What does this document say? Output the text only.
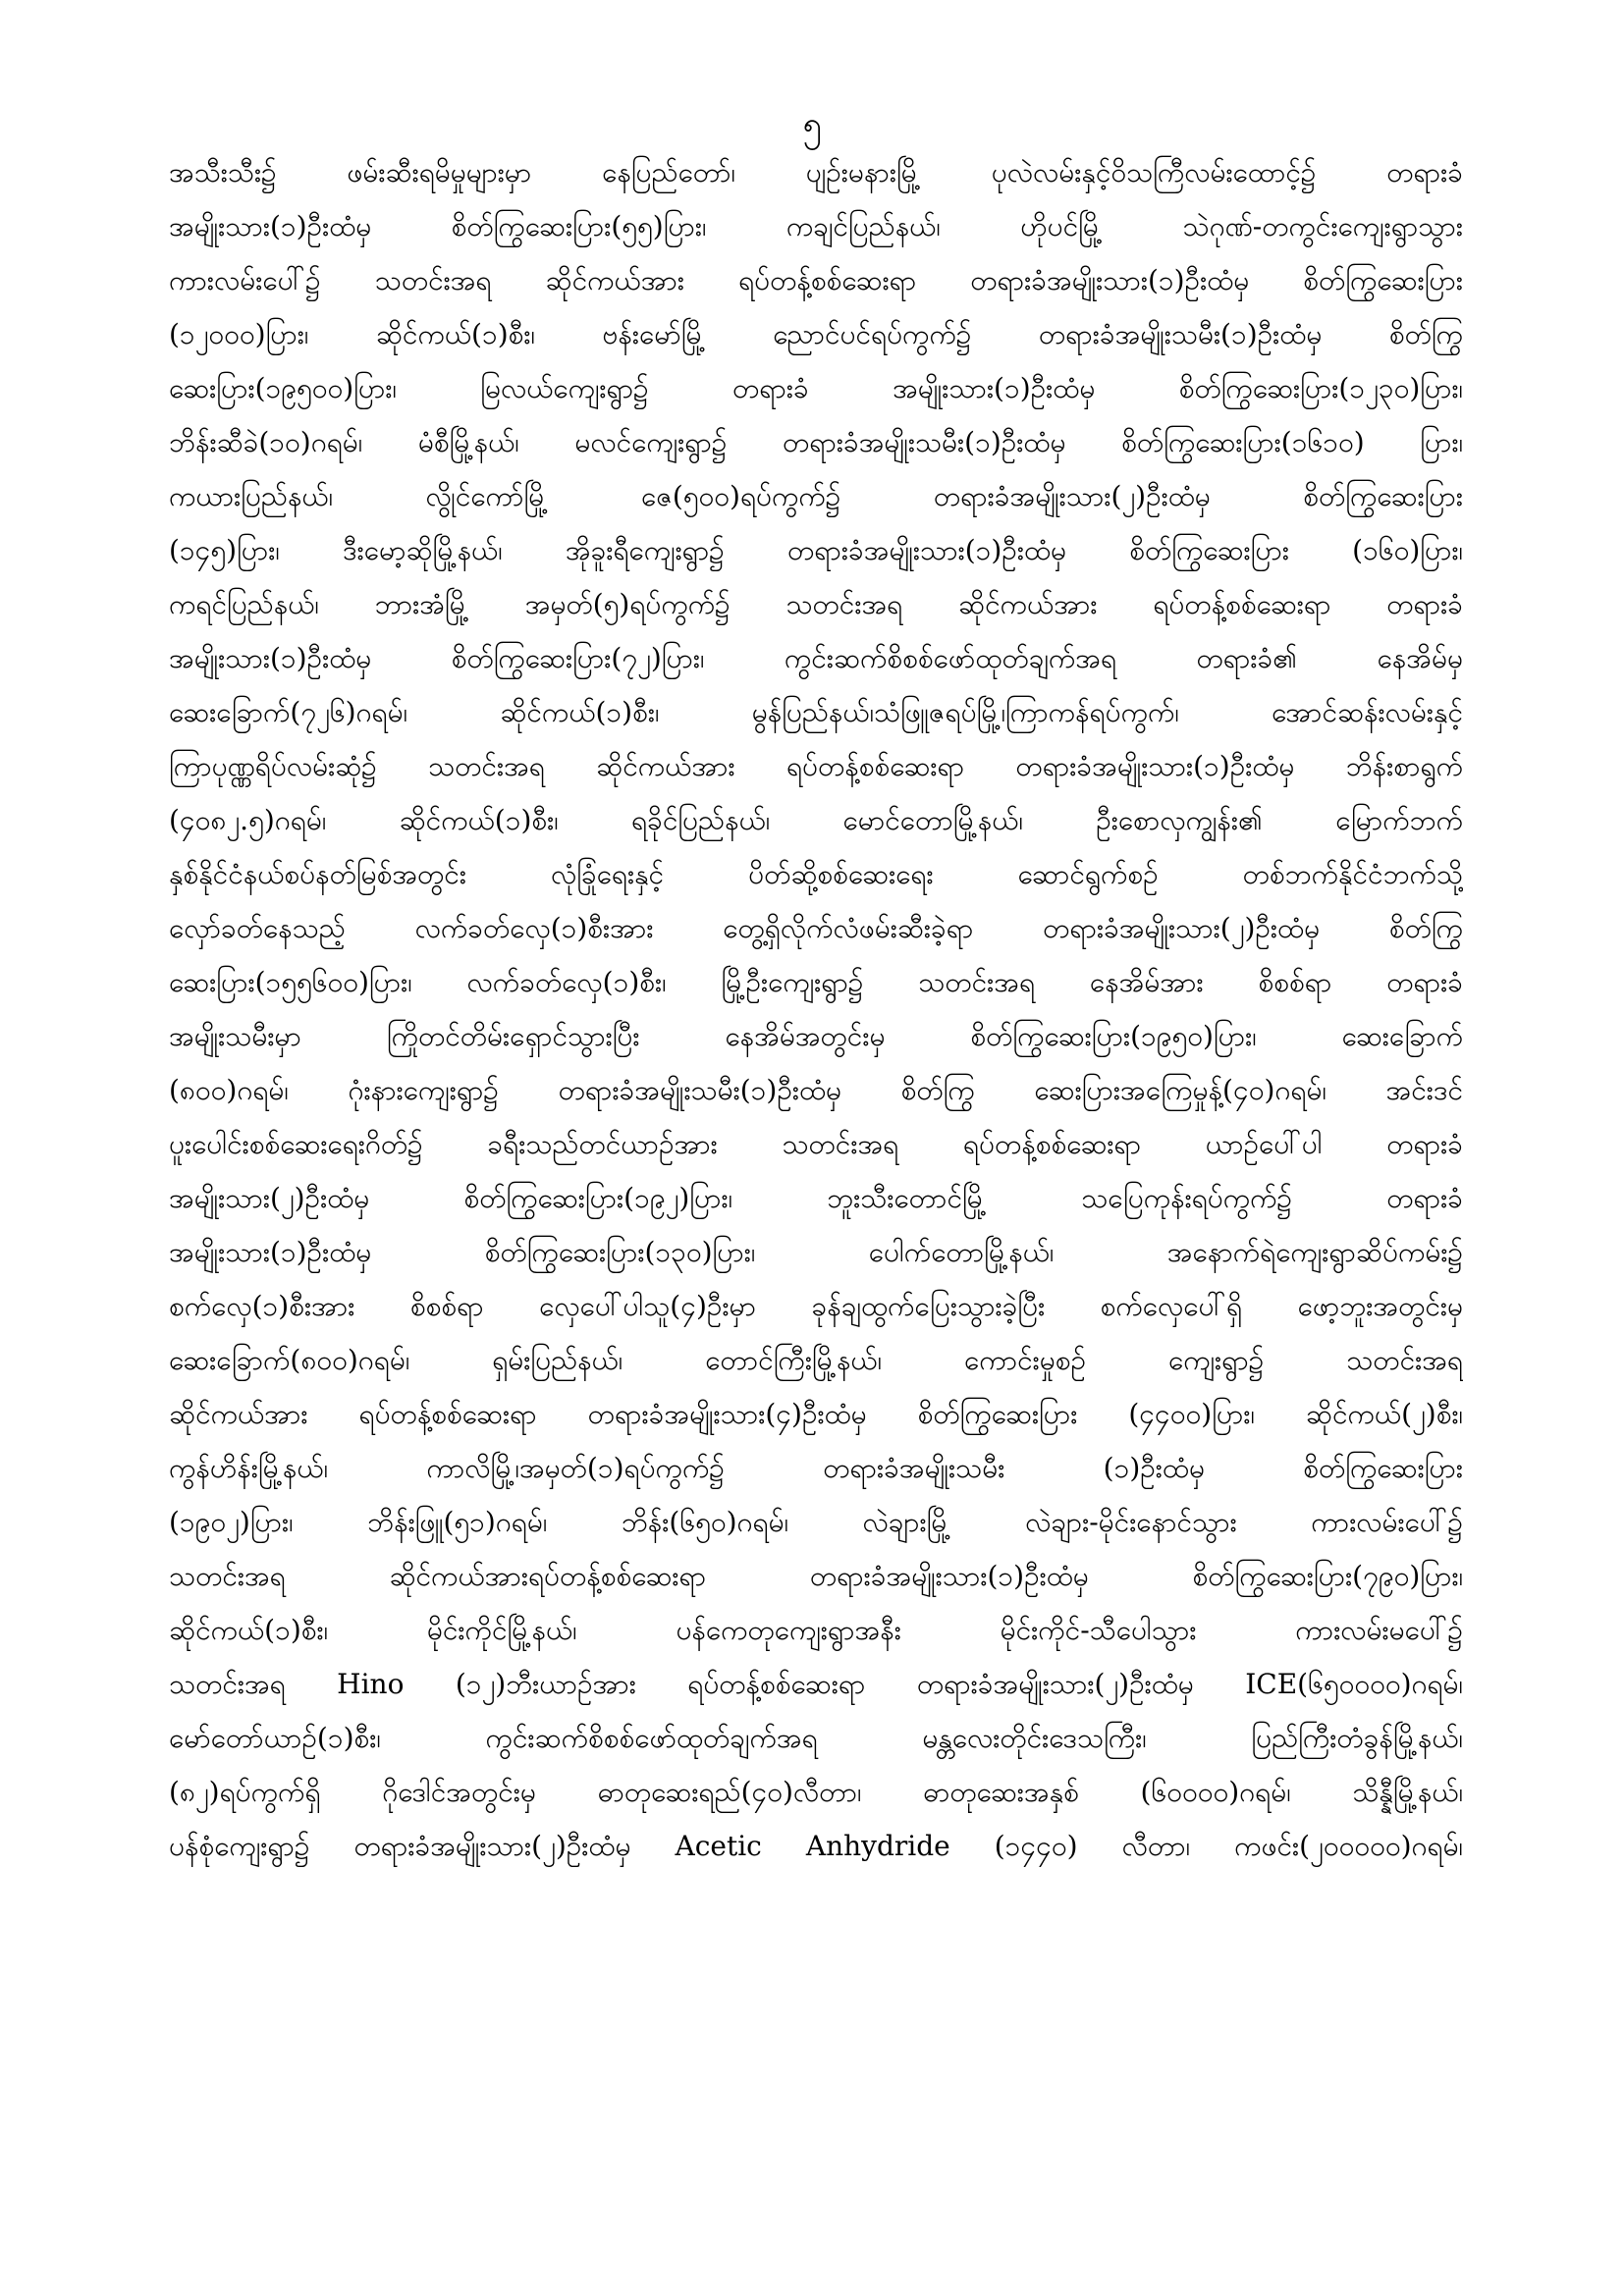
၅
အသီးသီး၌ ဖမ်းဆီးရမိမှုများမှာ နေပြည်တော်၊ ပျဉ်းမနားမြို့ ပုလဲလမ်းနှင့်ဝိသကြီလမ်းထောင့်၌ တရားခံ
အမျိုးသား(၁)ဦးထံမှ စိတ်ကြွဆေးပြား(၅၅)ပြား၊ ကချင်ပြည်နယ်၊ ဟိုပင်မြို့ သဲဂုဏ်-တကွင်းကျေးရွာသွား
ကားလမ်းပေါ်၌ သတင်းအရ ဆိုင်ကယ်အား ရပ်တန့်စစ်ဆေးရာ တရားခံအမျိုးသား(၁)ဦးထံမှ စိတ်ကြွဆေးပြား
(၁၂၀၀၀)ပြား၊ ဆိုင်ကယ်(၁)စီး၊ ဗန်းမော်မြို့ ညောင်ပင်ရပ်ကွက်၌ တရားခံအမျိုးသမီး(၁)ဦးထံမှ စိတ်ကြွ
ဆေးပြား(၁၉၅၀၀)ပြား၊ မြလယ်ကျေးရွာ၌ တရားခံ အမျိုးသား(၁)ဦးထံမှ စိတ်ကြွဆေးပြား(၁၂၃၀)ပြား၊
ဘိန်းဆီခဲ(၁၀)ဂရမ်၊ မံစီမြို့နယ်၊ မလင်ကျေးရွာ၌ တရားခံအမျိုးသမီး(၁)ဦးထံမှ စိတ်ကြွဆေးပြား(၁၆၁၀) ပြား၊
ကယားပြည်နယ်၊ လွိုင်ကော်မြို့ ဇေ(၅၀၀)ရပ်ကွက်၌ တရားခံအမျိုးသား(၂)ဦးထံမှ စိတ်ကြွဆေးပြား
(၁၄၅)ပြား၊ ဒီးမော့ဆိုမြို့နယ်၊ အိုခူးရီကျေးရွာ၌ တရားခံအမျိုးသား(၁)ဦးထံမှ စိတ်ကြွဆေးပြား (၁၆၀)ပြား၊
ကရင်ပြည်နယ်၊ ဘားအံမြို့ အမှတ်(၅)ရပ်ကွက်၌ သတင်းအရ ဆိုင်ကယ်အား ရပ်တန့်စစ်ဆေးရာ တရားခံ
အမျိုးသား(၁)ဦးထံမှ စိတ်ကြွဆေးပြား(၇၂)ပြား၊ ကွင်းဆက်စိစစ်ဖော်ထုတ်ချက်အရ တရားခံ၏ နေအိမ်မှ
ဆေးခြောက်(၇၂၆)ဂရမ်၊ ဆိုင်ကယ်(၁)စီး၊ မွန်ပြည်နယ်၊သံဖြူဇရပ်မြို့၊ကြာကန်ရပ်ကွက်၊ အောင်ဆန်းလမ်းနှင့်
ကြာပုဏ္ဏရိပ်လမ်းဆုံ၌ သတင်းအရ ဆိုင်ကယ်အား ရပ်တန့်စစ်ဆေးရာ တရားခံအမျိုးသား(၁)ဦးထံမှ ဘိန်းစာရွက်
(၄၀၈၂.၅)ဂရမ်၊ ဆိုင်ကယ်(၁)စီး၊ ရခိုင်ပြည်နယ်၊ မောင်တောမြို့နယ်၊ ဦးစောလှကျွန်း၏ မြောက်ဘက်
နှစ်နိုင်ငံနယ်စပ်နတ်မြစ်အတွင်း လုံခြုံရေးနှင့် ပိတ်ဆို့စစ်ဆေးရေး ဆောင်ရွက်စဉ် တစ်ဘက်နိုင်ငံဘက်သို့
လှော်ခတ်နေသည့် လက်ခတ်လှေ(၁)စီးအား တွေ့ရှိလိုက်လံဖမ်းဆီးခဲ့ရာ တရားခံအမျိုးသား(၂)ဦးထံမှ စိတ်ကြွ
ဆေးပြား(၁၅၅၆၀၀)ပြား၊ လက်ခတ်လှေ(၁)စီး၊ မြို့ဦးကျေးရွာ၌ သတင်းအရ နေအိမ်အား စိစစ်ရာ တရားခံ
အမျိုးသမီးမှာ ကြိုတင်တိမ်းရှောင်သွားပြီး နေအိမ်အတွင်းမှ စိတ်ကြွဆေးပြား(၁၉၅၀)ပြား၊ ဆေးခြောက်
(၈၀၀)ဂရမ်၊ ဂုံးနားကျေးရွာ၌ တရားခံအမျိုးသမီး(၁)ဦးထံမှ စိတ်ကြွ ဆေးပြားအကြေမှုန့်(၄၀)ဂရမ်၊ အင်းဒင်
ပူးပေါင်းစစ်ဆေးရေးဂိတ်၌ ခရီးသည်တင်ယာဉ်အား သတင်းအရ ရပ်တန့်စစ်ဆေးရာ ယာဉ်ပေါ်ပါ တရားခံ
အမျိုးသား(၂)ဦးထံမှ စိတ်ကြွဆေးပြား(၁၉၂)ပြား၊ ဘူးသီးတောင်မြို့ သပြေကုန်းရပ်ကွက်၌ တရားခံ
အမျိုးသား(၁)ဦးထံမှ စိတ်ကြွဆေးပြား(၁၃၀)ပြား၊ ပေါက်တောမြို့နယ်၊ အနောက်ရဲကျေးရွာဆိပ်ကမ်း၌
စက်လှေ(၁)စီးအား စိစစ်ရာ လှေပေါ်ပါသူ(၄)ဦးမှာ ခုန်ချထွက်ပြေးသွားခဲ့ပြီး စက်လှေပေါ်ရှိ ဖော့ဘူးအတွင်းမှ
ဆေးခြောက်(၈၀၀)ဂရမ်၊ ရှမ်းပြည်နယ်၊ တောင်ကြီးမြို့နယ်၊ ကောင်းမှုစဉ် ကျေးရွာ၌ သတင်းအရ
ဆိုင်ကယ်အား ရပ်တန့်စစ်ဆေးရာ တရားခံအမျိုးသား(၄)ဦးထံမှ စိတ်ကြွဆေးပြား (၄၄၀၀)ပြား၊ ဆိုင်ကယ်(၂)စီး၊
ကွန်ဟိန်းမြို့နယ်၊ ကာလိမြို့၊အမှတ်(၁)ရပ်ကွက်၌ တရားခံအမျိုးသမီး (၁)ဦးထံမှ စိတ်ကြွဆေးပြား
(၁၉၀၂)ပြား၊ ဘိန်းဖြူ(၅၁)ဂရမ်၊ ဘိန်း(၆၅၀)ဂရမ်၊ လဲချားမြို့ လဲချား-မိုင်းနောင်သွား ကားလမ်းပေါ်၌
သတင်းအရ ဆိုင်ကယ်အားရပ်တန့်စစ်ဆေးရာ တရားခံအမျိုးသား(၁)ဦးထံမှ စိတ်ကြွဆေးပြား(၇၉၀)ပြား၊
ဆိုင်ကယ်(၁)စီး၊ မိုင်းကိုင်မြို့နယ်၊ ပန်ကေတုကျေးရွာအနီး မိုင်းကိုင်-သီပေါသွား ကားလမ်းမပေါ်၌
သတင်းအရ Hino (၁၂)ဘီးယာဉ်အား ရပ်တန့်စစ်ဆေးရာ တရားခံအမျိုးသား(၂)ဦးထံမှ ICE(၆၅၀၀၀၀)ဂရမ်၊
မော်တော်ယာဉ်(၁)စီး၊ ကွင်းဆက်စိစစ်ဖော်ထုတ်ချက်အရ မန္တလေးတိုင်းဒေသကြီး၊ ပြည်ကြီးတံခွန်မြို့နယ်၊
(၈၂)ရပ်ကွက်ရှိ ဂိုဒေါင်အတွင်းမှ ဓာတုဆေးရည်(၄၀)လီတာ၊ ဓာတုဆေးအနှစ် (၆၀၀၀၀)ဂရမ်၊ သိန္နီမြို့နယ်၊
ပန်စုံကျေးရွာ၌ တရားခံအမျိုးသား(၂)ဦးထံမှ Acetic Anhydride (၁၄၄၀) လီတာ၊ ကဖင်း(၂၀၀၀၀၀)ဂရမ်၊
